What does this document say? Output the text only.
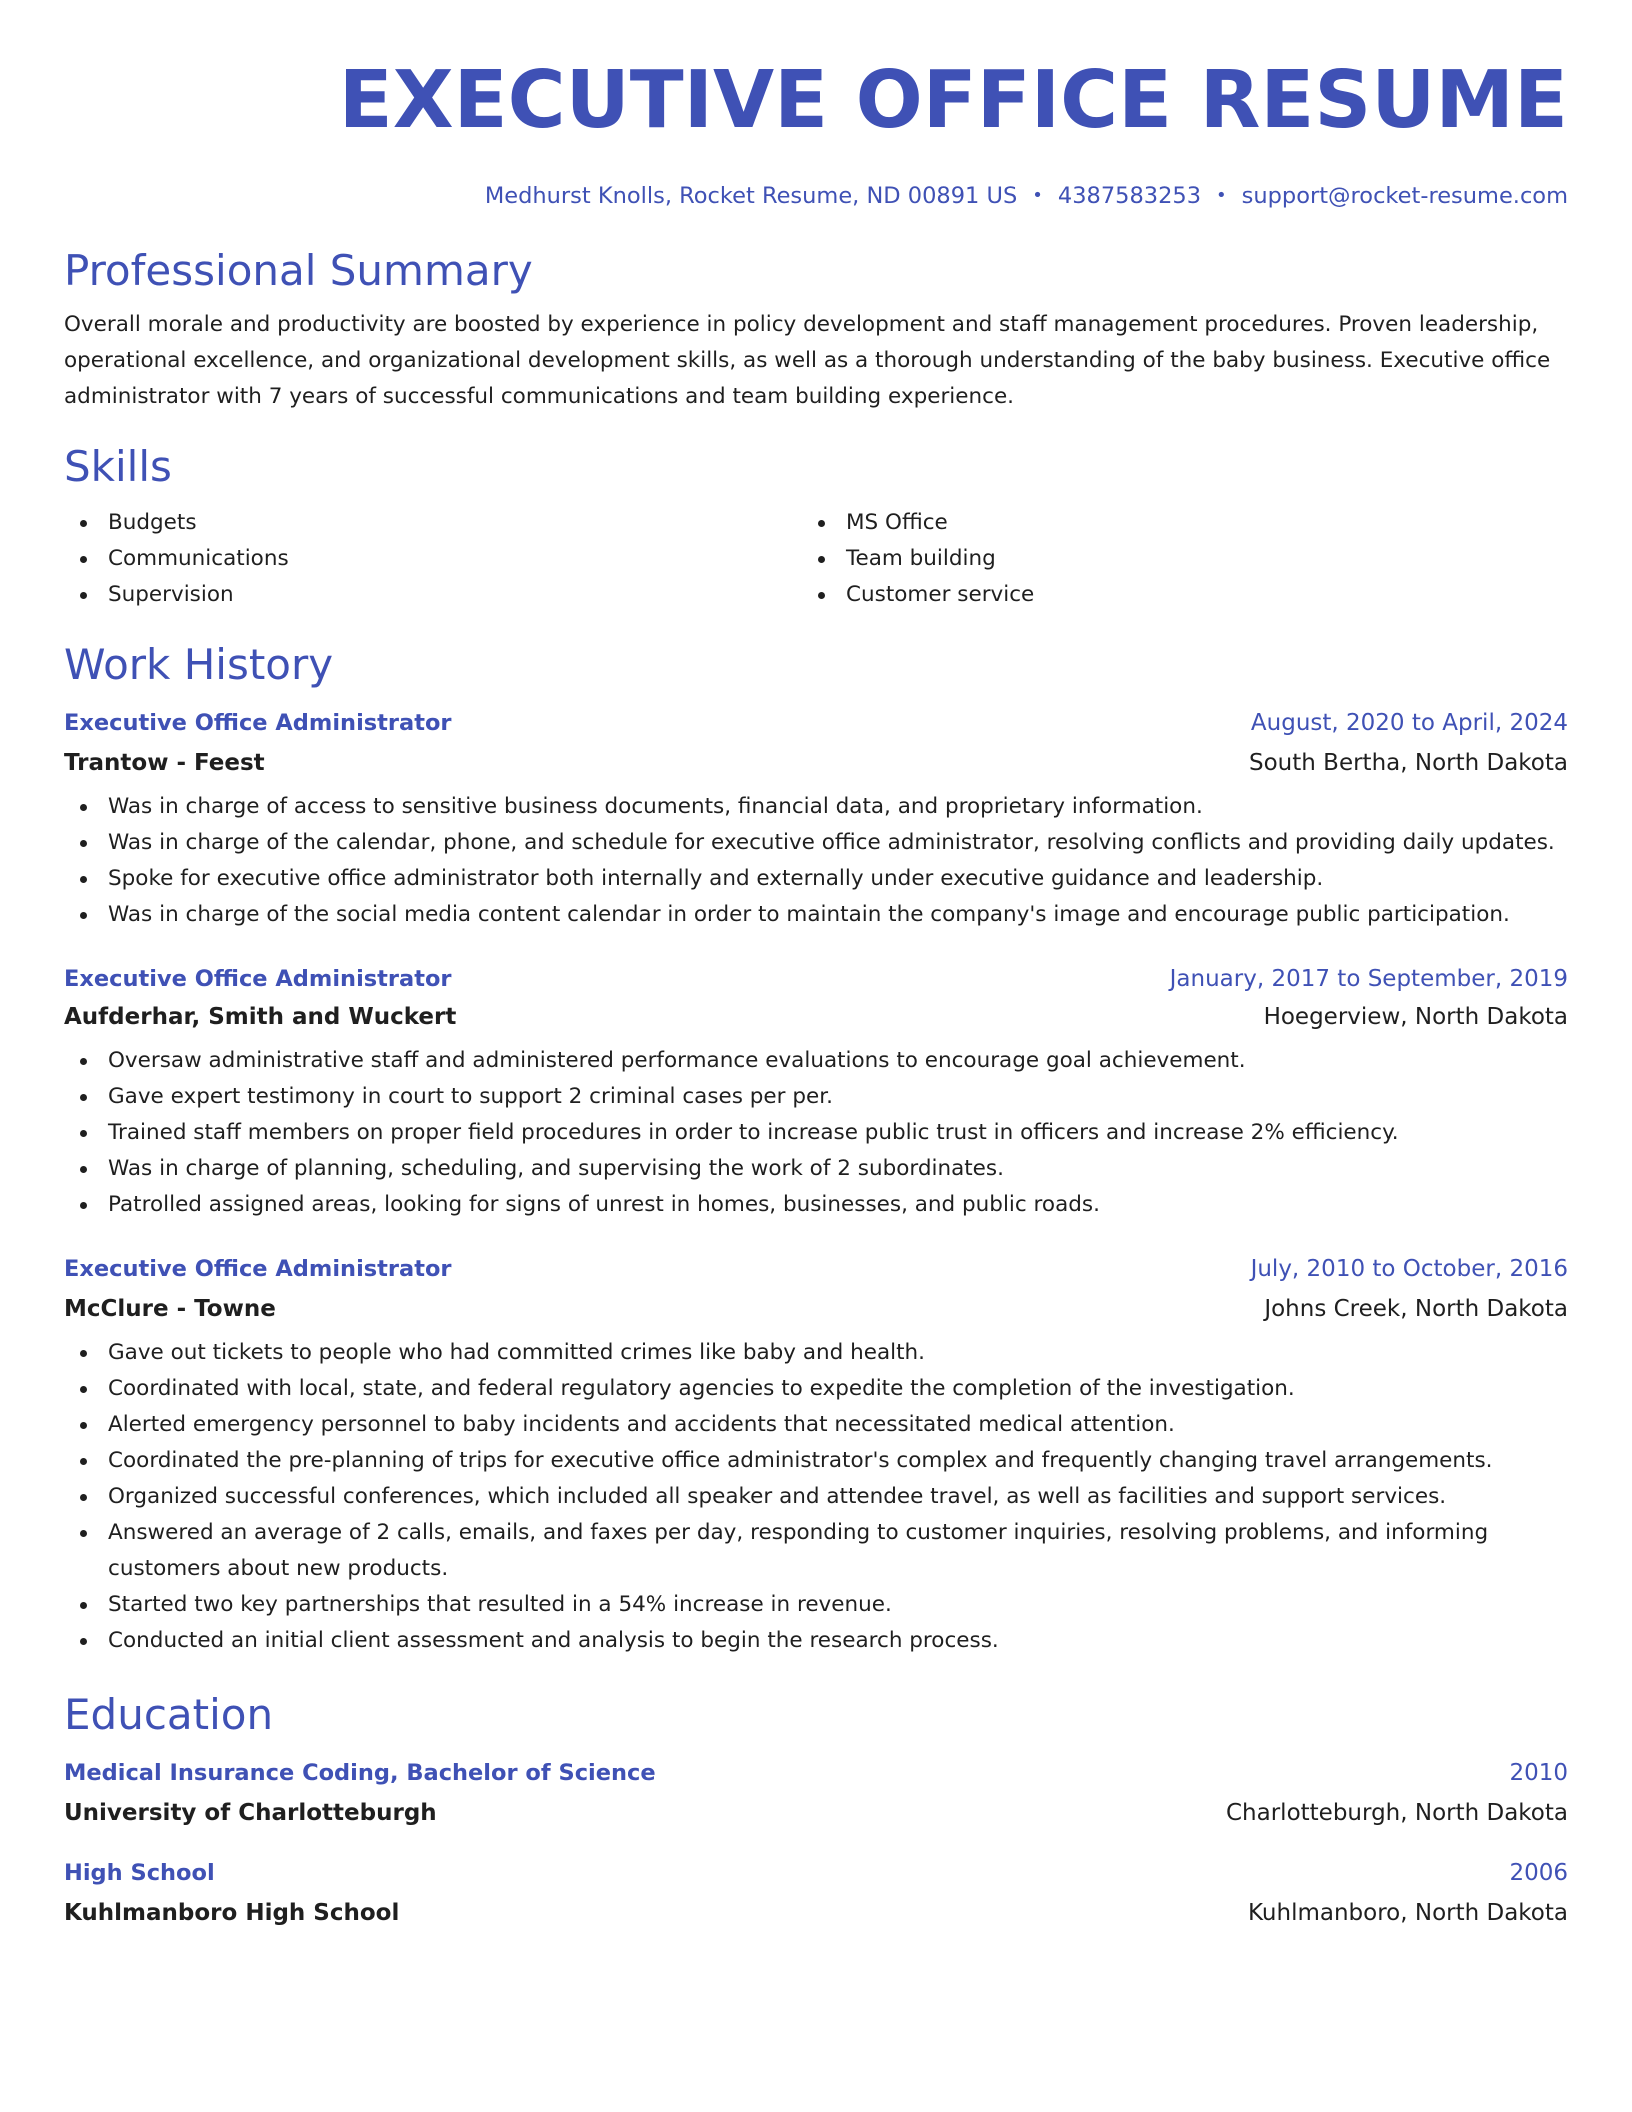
EXECUTIVE OFFICE RESUME
Medhurst Knolls, Rocket Resume, ND 00891 US • 4387583253 • support@rocket-resume.com
Professional Summary
Overall morale and productivity are boosted by experience in policy development and staff management procedures. Proven leadership, operational excellence, and organizational development skills, as well as a thorough understanding of the baby business. Executive office administrator with 7 years of successful communications and team building experience.
Skills
Budgets
Communications
Supervision
MS Office
Team building
Customer service
Work History
Executive Office Administrator	August, 2020 to April, 2024
Trantow - Feest	South Bertha, North Dakota
Was in charge of access to sensitive business documents, financial data, and proprietary information.
Was in charge of the calendar, phone, and schedule for executive office administrator, resolving conflicts and providing daily updates.
Spoke for executive office administrator both internally and externally under executive guidance and leadership.
Was in charge of the social media content calendar in order to maintain the company's image and encourage public participation.
Executive Office Administrator	January, 2017 to September, 2019
Aufderhar, Smith and Wuckert	Hoegerview, North Dakota
Oversaw administrative staff and administered performance evaluations to encourage goal achievement.
Gave expert testimony in court to support 2 criminal cases per per.
Trained staff members on proper field procedures in order to increase public trust in officers and increase 2% efficiency.
Was in charge of planning, scheduling, and supervising the work of 2 subordinates.
Patrolled assigned areas, looking for signs of unrest in homes, businesses, and public roads.
Executive Office Administrator	July, 2010 to October, 2016
McClure - Towne	Johns Creek, North Dakota
Gave out tickets to people who had committed crimes like baby and health.
Coordinated with local, state, and federal regulatory agencies to expedite the completion of the investigation.
Alerted emergency personnel to baby incidents and accidents that necessitated medical attention.
Coordinated the pre-planning of trips for executive office administrator's complex and frequently changing travel arrangements.
Organized successful conferences, which included all speaker and attendee travel, as well as facilities and support services.
Answered an average of 2 calls, emails, and faxes per day, responding to customer inquiries, resolving problems, and informing customers about new products.
Started two key partnerships that resulted in a 54% increase in revenue.
Conducted an initial client assessment and analysis to begin the research process.
Education
Medical Insurance Coding, Bachelor of Science	2010
University of Charlotteburgh	Charlotteburgh, North Dakota
High School	2006
Kuhlmanboro High School	Kuhlmanboro, North Dakota
